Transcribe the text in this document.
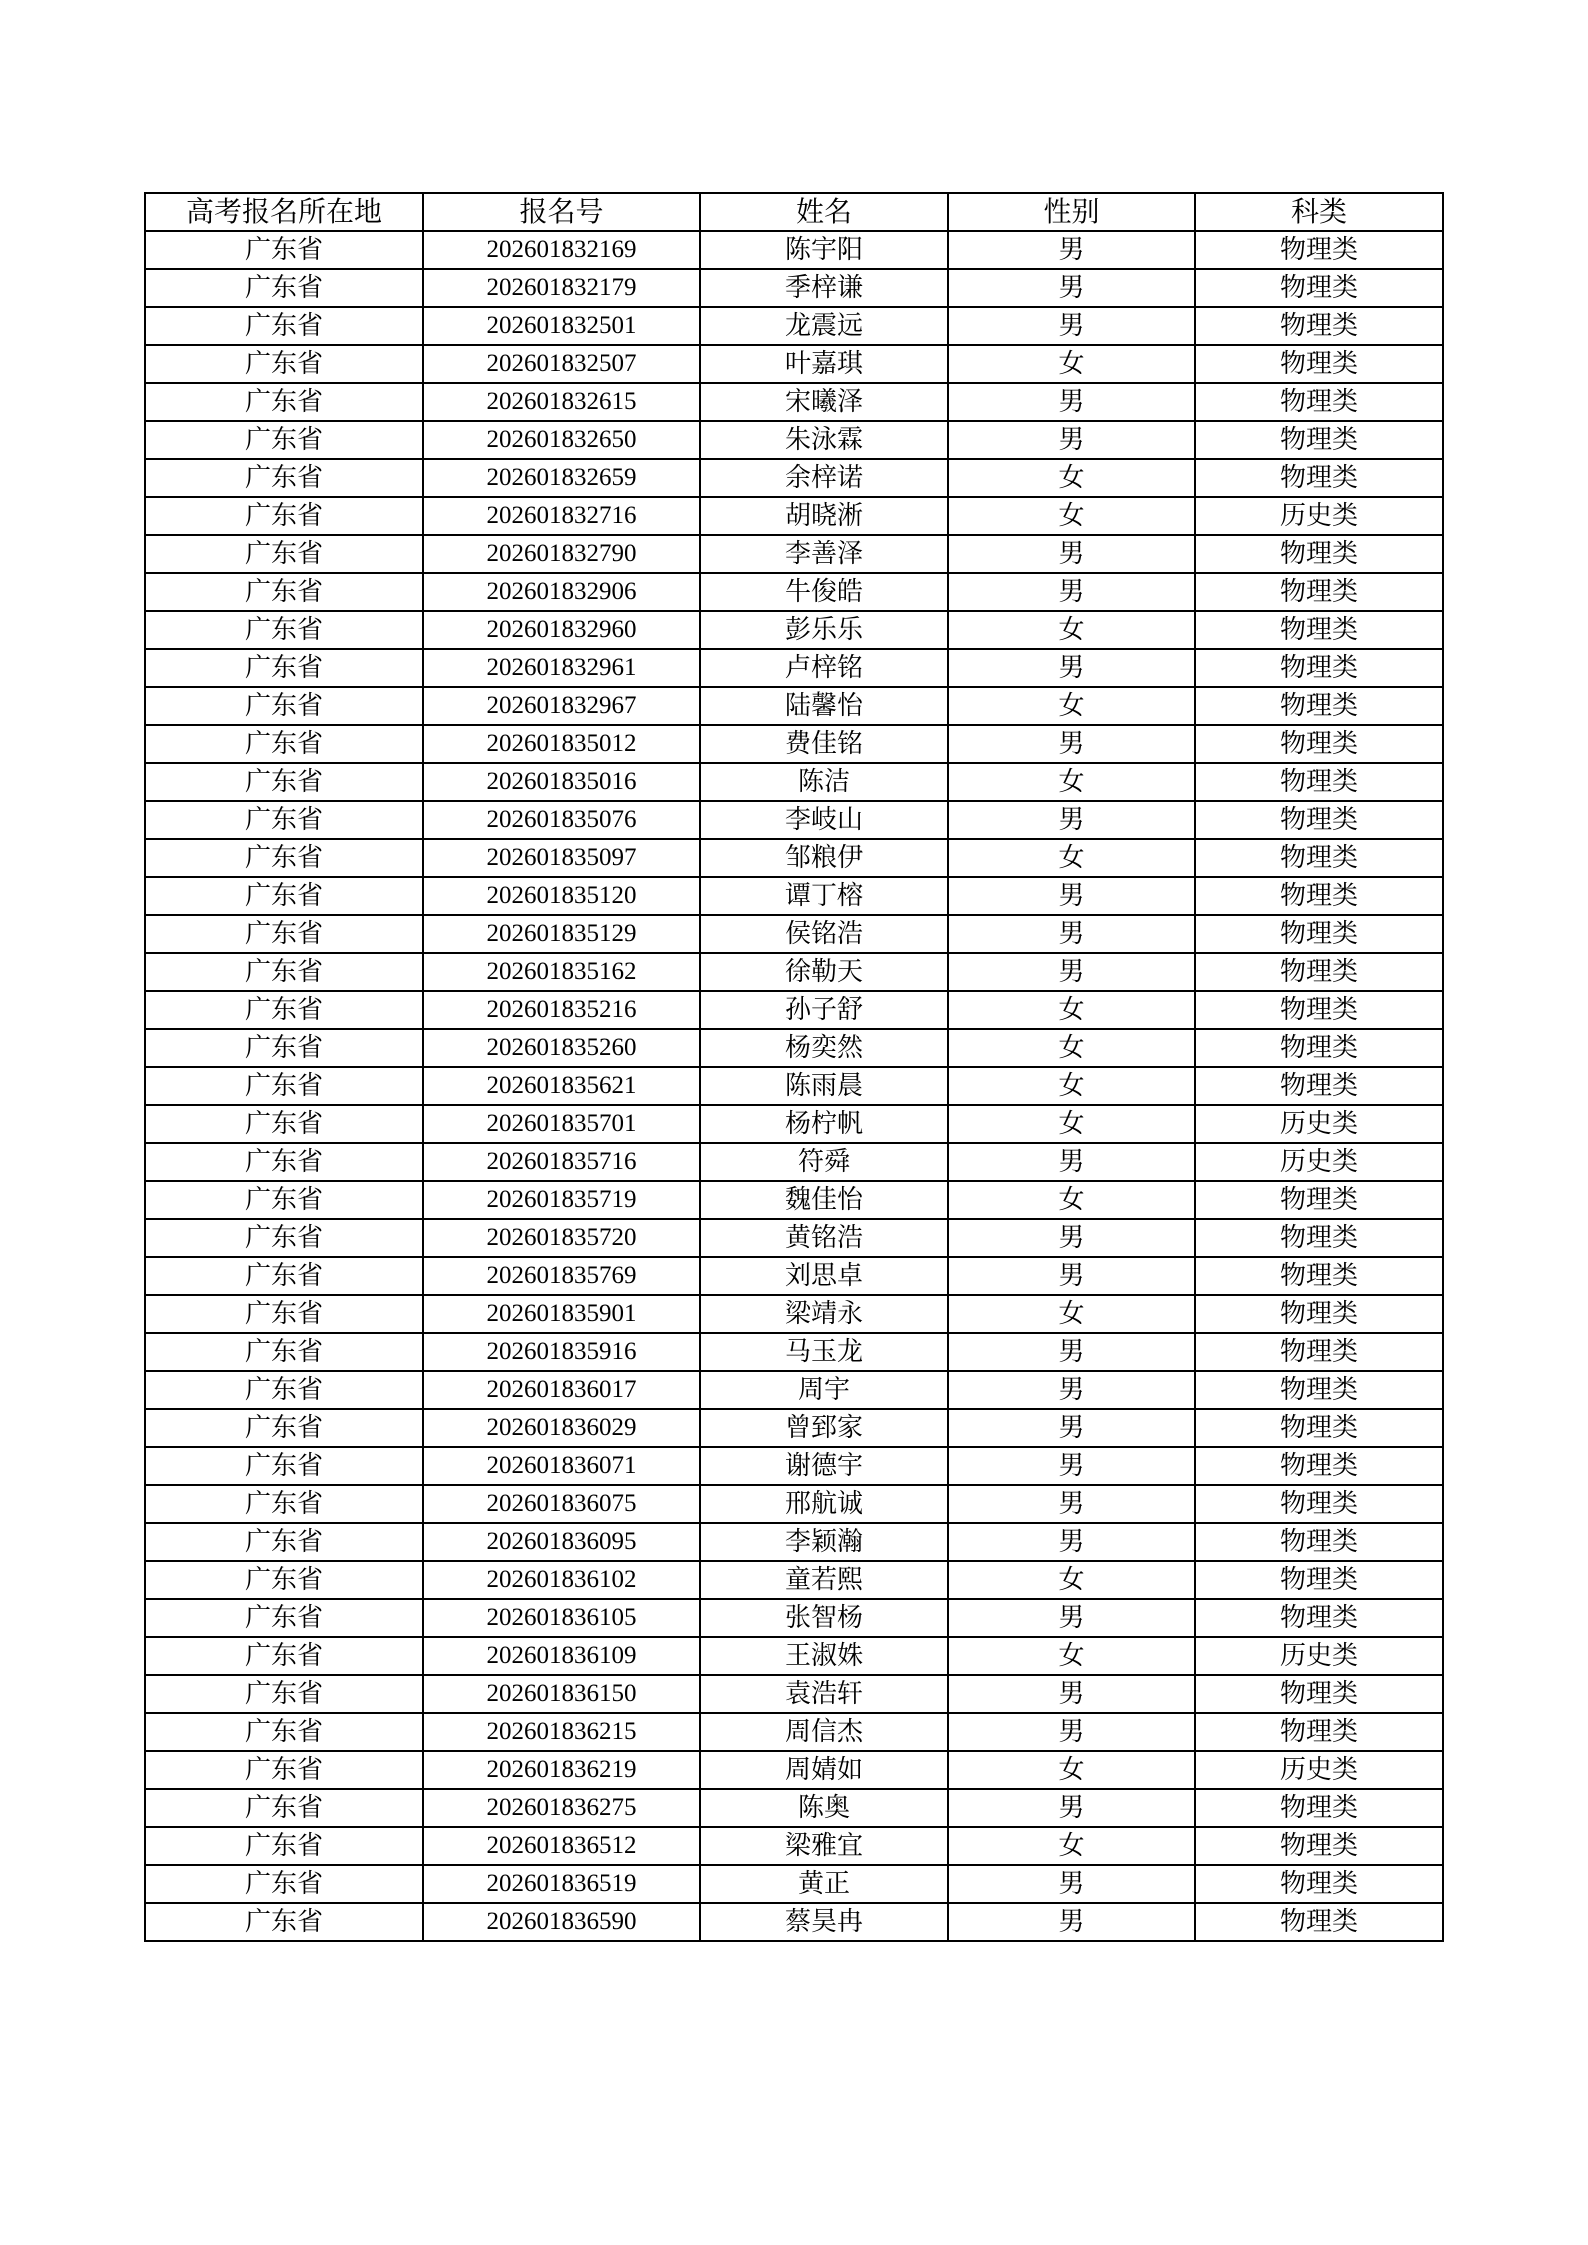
高考报名所在地	报名号	姓名	性别	科类
广东省	202601832169	陈宇阳	男	物理类
广东省	202601832179	季梓谦	男	物理类
广东省	202601832501	龙震远	男	物理类
广东省	202601832507	叶嘉琪	女	物理类
广东省	202601832615	宋曦泽	男	物理类
广东省	202601832650	朱泳霖	男	物理类
广东省	202601832659	余梓诺	女	物理类
广东省	202601832716	胡晓淅	女	历史类
广东省	202601832790	李善泽	男	物理类
广东省	202601832906	牛俊皓	男	物理类
广东省	202601832960	彭乐乐	女	物理类
广东省	202601832961	卢梓铭	男	物理类
广东省	202601832967	陆馨怡	女	物理类
广东省	202601835012	费佳铭	男	物理类
广东省	202601835016	陈洁	女	物理类
广东省	202601835076	李岐山	男	物理类
广东省	202601835097	邹粮伊	女	物理类
广东省	202601835120	谭丁榕	男	物理类
广东省	202601835129	侯铭浩	男	物理类
广东省	202601835162	徐勒天	男	物理类
广东省	202601835216	孙子舒	女	物理类
广东省	202601835260	杨奕然	女	物理类
广东省	202601835621	陈雨晨	女	物理类
广东省	202601835701	杨柠帆	女	历史类
广东省	202601835716	符舜	男	历史类
广东省	202601835719	魏佳怡	女	物理类
广东省	202601835720	黄铭浩	男	物理类
广东省	202601835769	刘思卓	男	物理类
广东省	202601835901	梁靖永	女	物理类
广东省	202601835916	马玉龙	男	物理类
广东省	202601836017	周宇	男	物理类
广东省	202601836029	曾郅家	男	物理类
广东省	202601836071	谢德宇	男	物理类
广东省	202601836075	邢航诚	男	物理类
广东省	202601836095	李颖瀚	男	物理类
广东省	202601836102	童若熙	女	物理类
广东省	202601836105	张智杨	男	物理类
广东省	202601836109	王淑姝	女	历史类
广东省	202601836150	袁浩轩	男	物理类
广东省	202601836215	周信杰	男	物理类
广东省	202601836219	周婧如	女	历史类
广东省	202601836275	陈奥	男	物理类
广东省	202601836512	梁雅宜	女	物理类
广东省	202601836519	黄正	男	物理类
广东省	202601836590	蔡昊冉	男	物理类
